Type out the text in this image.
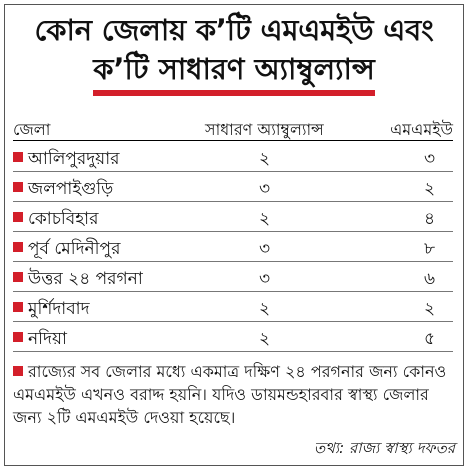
কোন জেলায় ক’টি এমএমইউ এবং
ক’টি সাধারণ অ্যাম্বুল্যান্স
জেলা	সাধারণ অ্যাম্বুল্যান্স	এমএমইউ
আলিপুরদুয়ার	২	৩
জলপাইগুড়ি	৩	২
কোচবিহার	২	৪
পূর্ব মেদিনীপুর	৩	৮
উত্তর ২৪ পরগনা	৩	৬
মুর্শিদাবাদ	২	২
নদিয়া	২	৫
রাজ্যের সব জেলার মধ্যে একমাত্র দক্ষিণ ২৪ পরগনার জন্য কোনও এমএমইউ এখনও বরাদ্দ হয়নি। যদিও ডায়মন্ডহারবার স্বাস্থ্য জেলার জন্য ২টি এমএমইউ দেওয়া হয়েছে।
তথ্য: রাজ্য স্বাস্থ্য দফতর
